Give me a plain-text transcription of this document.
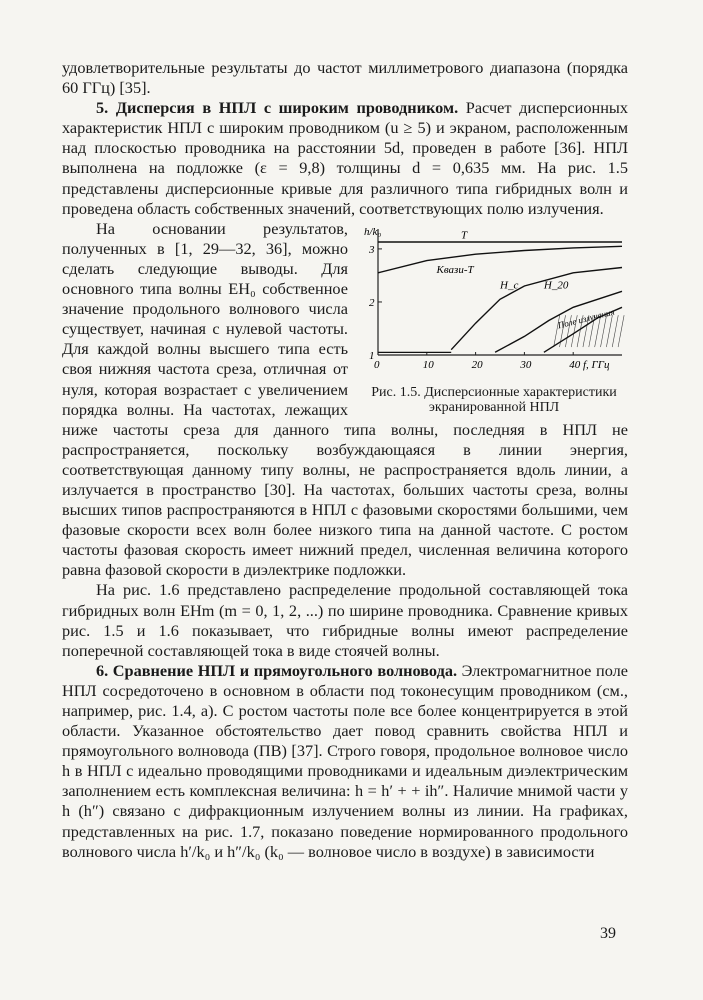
удовлетворительные результаты до частот миллиметрового диапазона (порядка 60 ГГц) [35].

5. Дисперсия в НПЛ с широким проводником. Расчет дисперсионных характеристик НПЛ с широким проводником (u ≥ 5) и экраном, расположенным над плоскостью проводника на расстоянии 5d, проведен в работе [36]. НПЛ выполнена на подложке (ε = 9,8) толщины d = 0,635 мм. На рис. 1.5 представлены дисперсионные кривые для различного типа гибридных волн и проведена область собственных значений, соответствующих полю излучения.

1
2
3
0	10	20	30	40
h/k₀
f, ГГц
Поле излучения
T
Квази-T
H_c H_20
Рис. 1.5. Дисперсионные характеристики экранированной НПЛ

На основании результатов, полученных в [1, 29—32, 36], можно сделать следующие выводы. Для основного типа волны EH₀ собственное значение продольного волнового числа существует, начиная с нулевой частоты. Для каждой волны высшего типа есть своя нижняя частота среза, отличная от нуля, которая возрастает с увеличением порядка волны. На частотах, лежащих ниже частоты среза для данного типа волны, последняя в НПЛ не распространяется, поскольку возбуждающаяся в линии энергия, соответствующая данному типу волны, не распространяется вдоль линии, а излучается в пространство [30]. На частотах, больших частоты среза, волны высших типов распространяются в НПЛ с фазовыми скоростями большими, чем фазовые скорости всех волн более низкого типа на данной частоте. С ростом частоты фазовая скорость имеет нижний предел, численная величина которого равна фазовой скорости в диэлектрике подложки.

На рис. 1.6 представлено распределение продольной составляющей тока гибридных волн EHm (m = 0, 1, 2, ...) по ширине проводника. Сравнение кривых рис. 1.5 и 1.6 показывает, что гибридные волны имеют распределение поперечной составляющей тока в виде стоячей волны.

6. Сравнение НПЛ и прямоугольного волновода. Электромагнитное поле НПЛ сосредоточено в основном в области под токонесущим проводником (см., например, рис. 1.4, a). С ростом частоты поле все более концентрируется в этой области. Указанное обстоятельство дает повод сравнить свойства НПЛ и прямоугольного волновода (ПВ) [37]. Строго говоря, продольное волновое число h в НПЛ с идеально проводящими проводниками и идеальным диэлектрическим заполнением есть комплексная величина: h = h′ + + ih″. Наличие мнимой части у h (h″) связано с дифракционным излучением волны из линии. На графиках, представленных на рис. 1.7, показано поведение нормированного продольного волнового числа h′/k₀ и h″/k₀ (k₀ — волновое число в воздухе) в зависимости

39
